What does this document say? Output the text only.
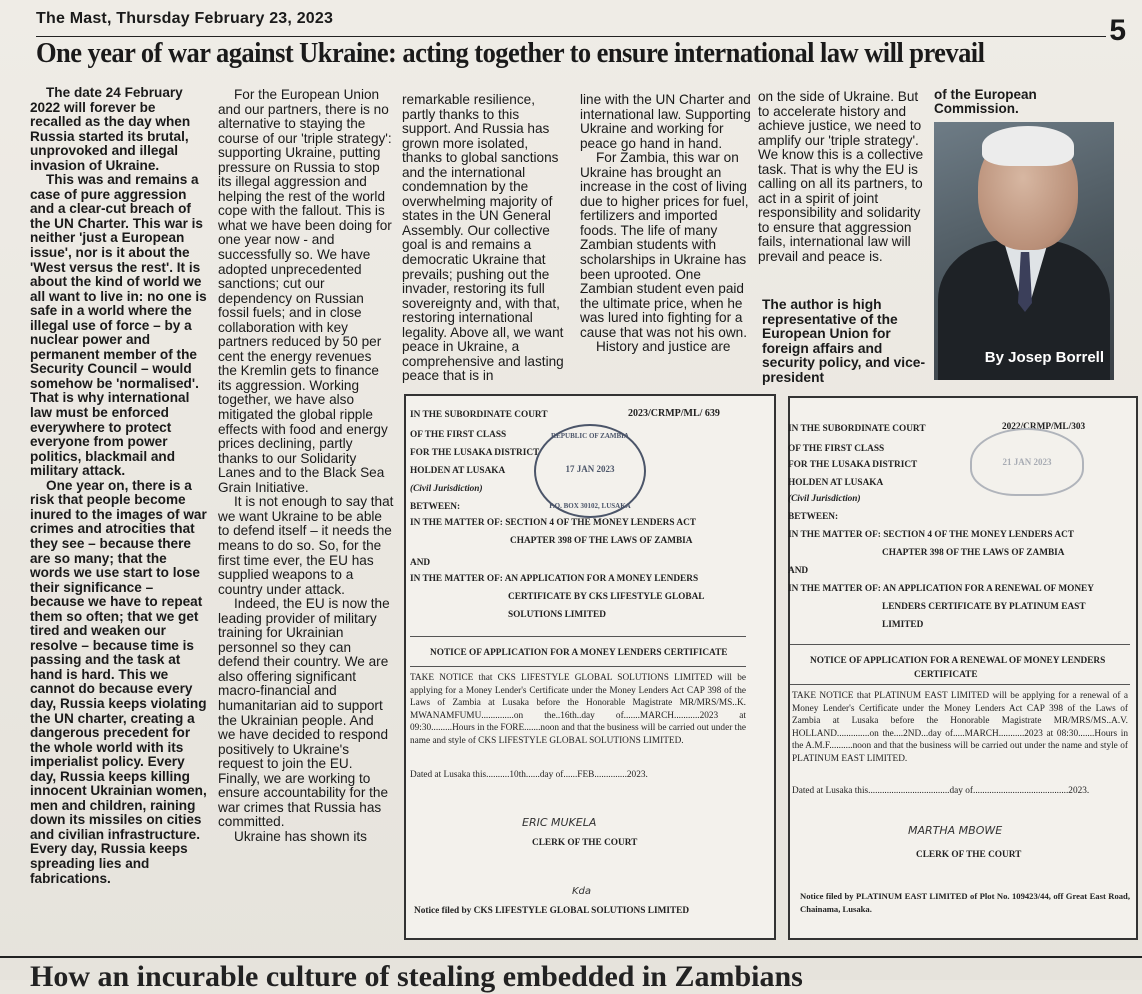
The Mast, Thursday February 23, 2023	5
One year of war against Ukraine: acting together to ensure international law will prevail

The date 24 February 2022 will forever be recalled as the day when Russia started its brutal, unprovoked and illegal invasion of Ukraine.

This was and remains a case of pure aggression and a clear-cut breach of the UN Charter. This war is neither 'just a European issue', nor is it about the 'West versus the rest'. It is about the kind of world we all want to live in: no one is safe in a world where the illegal use of force – by a nuclear power and permanent member of the Security Council – would somehow be 'normalised'. That is why international law must be enforced everywhere to protect everyone from power politics, blackmail and military attack.

One year on, there is a risk that people become inured to the images of war crimes and atrocities that they see – because there are so many; that the words we use start to lose their significance – because we have to repeat them so often; that we get tired and weaken our resolve – because time is passing and the task at hand is hard. This we cannot do because every day, Russia keeps violating the UN charter, creating a dangerous precedent for the whole world with its imperialist policy. Every day, Russia keeps killing innocent Ukrainian women, men and children, raining down its missiles on cities and civilian infrastructure. Every day, Russia keeps spreading lies and fabrications.

For the European Union and our partners, there is no alternative to staying the course of our 'triple strategy': supporting Ukraine, putting pressure on Russia to stop its illegal aggression and helping the rest of the world cope with the fallout. This is what we have been doing for one year now - and successfully so. We have adopted unprecedented sanctions; cut our dependency on Russian fossil fuels; and in close collaboration with key partners reduced by 50 per cent the energy revenues the Kremlin gets to finance its aggression. Working together, we have also mitigated the global ripple effects with food and energy prices declining, partly thanks to our Solidarity Lanes and to the Black Sea Grain Initiative.

It is not enough to say that we want Ukraine to be able to defend itself – it needs the means to do so. So, for the first time ever, the EU has supplied weapons to a country under attack.

Indeed, the EU is now the leading provider of military training for Ukrainian personnel so they can defend their country. We are also offering significant macro-financial and humanitarian aid to support the Ukrainian people. And we have decided to respond positively to Ukraine's request to join the EU. Finally, we are working to ensure accountability for the war crimes that Russia has committed.

Ukraine has shown its

remarkable resilience, partly thanks to this support. And Russia has grown more isolated, thanks to global sanctions and the international condemnation by the overwhelming majority of states in the UN General Assembly. Our collective goal is and remains a democratic Ukraine that prevails; pushing out the invader, restoring its full sovereignty and, with that, restoring international legality. Above all, we want peace in Ukraine, a comprehensive and lasting peace that is in

line with the UN Charter and international law. Supporting Ukraine and working for peace go hand in hand.

For Zambia, this war on Ukraine has brought an increase in the cost of living due to higher prices for fuel, fertilizers and imported foods. The life of many Zambian students with scholarships in Ukraine has been uprooted. One Zambian student even paid the ultimate price, when he was lured into fighting for a cause that was not his own.

History and justice are

on the side of Ukraine. But to accelerate history and achieve justice, we need to amplify our 'triple strategy'. We know this is a collective task. That is why the EU is calling on all its partners, to act in a spirit of joint responsibility and solidarity to ensure that aggression fails, international law will prevail and peace is.

The author is high representative of the European Union for foreign affairs and security policy, and vice-president
of the European Commission.
By Josep Borrell
IN THE SUBORDINATE COURT	2023/CRMP/ML/ 639
OF THE FIRST CLASS
FOR THE LUSAKA DISTRICT
HOLDEN AT LUSAKA
(Civil Jurisdiction)
BETWEEN:
IN THE MATTER OF: SECTION 4 OF THE MONEY LENDERS ACT
CHAPTER 398 OF THE LAWS OF ZAMBIA
AND
IN THE MATTER OF: AN APPLICATION FOR A MONEY LENDERS
CERTIFICATE BY CKS LIFESTYLE GLOBAL
SOLUTIONS LIMITED
NOTICE OF APPLICATION FOR A MONEY LENDERS CERTIFICATE
TAKE NOTICE that CKS LIFESTYLE GLOBAL SOLUTIONS LIMITED will be applying for a Money Lender's Certificate under the Money Lenders Act CAP 398 of the Laws of Zambia at Lusaka before the Honorable Magistrate MR/MRS/MS..K. MWANAMFUMU..............on the..16th..day of.......MARCH...........2023 at 09:30.........Hours in the FORE.......noon and that the business will be carried out under the name and style of CKS LIFESTYLE GLOBAL SOLUTIONS LIMITED.
Dated at Lusaka this..........10th......day of......FEB..............2023.
ERIC MUKELA
CLERK OF THE COURT
Kda
Notice filed by CKS LIFESTYLE GLOBAL SOLUTIONS LIMITED
REPUBLIC OF ZAMBIA
17 JAN 2023
P.O. BOX 30102, LUSAKA
IN THE SUBORDINATE COURT	2022/CRMP/ML/303
OF THE FIRST CLASS
FOR THE LUSAKA DISTRICT
HOLDEN AT LUSAKA
(Civil Jurisdiction)
BETWEEN:
IN THE MATTER OF: SECTION 4 OF THE MONEY LENDERS ACT
CHAPTER 398 OF THE LAWS OF ZAMBIA
AND
IN THE MATTER OF: AN APPLICATION FOR A RENEWAL OF MONEY
LENDERS CERTIFICATE BY PLATINUM EAST
LIMITED
NOTICE OF APPLICATION FOR A RENEWAL OF MONEY LENDERS
CERTIFICATE
TAKE NOTICE that PLATINUM EAST LIMITED will be applying for a renewal of a Money Lender's Certificate under the Money Lenders Act CAP 398 of the Laws of Zambia at Lusaka before the Honorable Magistrate MR/MRS/MS..A.V. HOLLAND..............on the....2ND...day of.....MARCH...........2023 at 08:30.......Hours in the A.M.F..........noon and that the business will be carried out under the name and style of PLATINUM EAST LIMITED.
Dated at Lusaka this...................................day of.........................................2023.
MARTHA MBOWE
CLERK OF THE COURT
Notice filed by PLATINUM EAST LIMITED of Plot No. 109423/44, off Great East Road, Chainama, Lusaka.
21 JAN 2023
How an incurable culture of stealing embedded in Zambians
